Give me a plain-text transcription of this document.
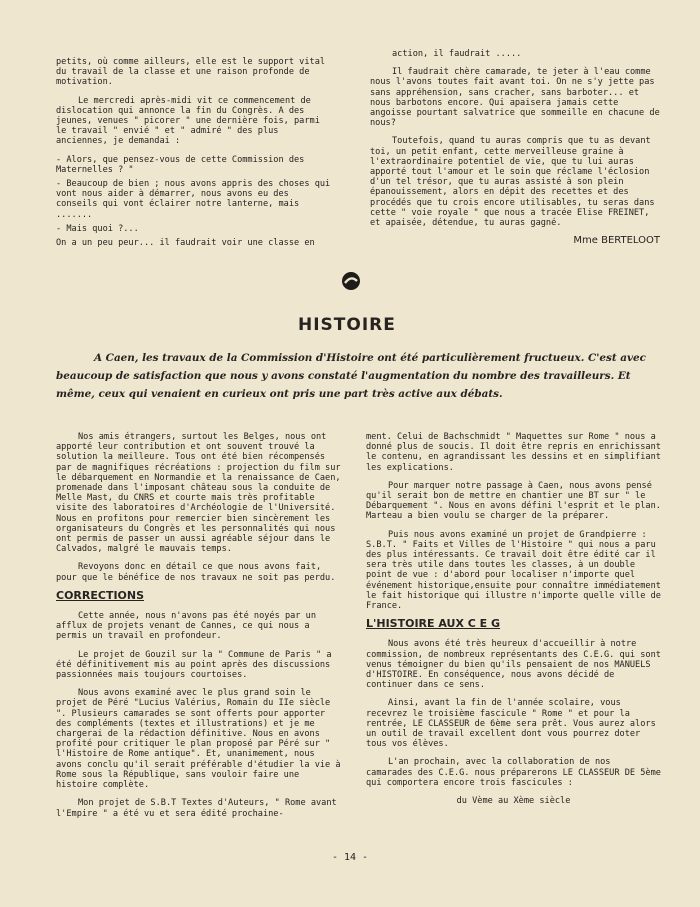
petits, où comme ailleurs, elle est le support vital du travail de la classe et une raison profonde de motivation.

Le mercredi après-midi vit ce commencement de dislocation qui annonce la fin du Congrès. A des jeunes, venues " picorer " une dernière fois, parmi le travail " envié " et " admiré " des plus anciennes, je demandai :

- Alors, que pensez-vous de cette Commission des Maternelles ? "

- Beaucoup de bien ; nous avons appris des choses qui vont nous aider à démarrer, nous avons eu des conseils qui vont éclairer notre lanterne, mais .......

- Mais quoi ?...

On a un peu peur... il faudrait voir une classe en

action, il faudrait .....

Il faudrait chère camarade, te jeter à l'eau comme nous l'avons toutes fait avant toi. On ne s'y jette pas sans appréhension, sans cracher, sans barboter... et nous barbotons encore. Qui apaisera jamais cette angoisse pourtant salvatrice que sommeille en chacune de nous?

Toutefois, quand tu auras compris que tu as devant toi, un petit enfant, cette merveilleuse graine à l'extraordinaire potentiel de vie, que tu lui auras apporté tout l'amour et le soin que réclame l'éclosion d'un tel trésor, que tu auras assisté à son plein épanouissement, alors en dépit des recettes et des procédés que tu crois encore utilisables, tu seras dans cette " voie royale " que nous a tracée Elise FREINET, et apaisée, détendue, tu auras gagné.

Mme BERTELOOT
HISTOIRE
A Caen, les travaux de la Commission d'Histoire ont été particulièrement fructueux. C'est avec beaucoup de satisfaction que nous y avons constaté l'augmentation du nombre des travailleurs. Et même, ceux qui venaient en curieux ont pris une part très active aux débats.

Nos amis étrangers, surtout les Belges, nous ont apporté leur contribution et ont souvent trouvé la solution la meilleure. Tous ont été bien récompensés par de magnifiques récréations : projection du film sur le débarquement en Normandie et la renaissance de Caen, promenade dans l'imposant château sous la conduite de Melle Mast, du CNRS et courte mais très profitable visite des laboratoires d'Archéologie de l'Université. Nous en profitons pour remercier bien sincèrement les organisateurs du Congrès et les personnalités qui nous ont permis de passer un aussi agréable séjour dans le Calvados, malgré le mauvais temps.

Revoyons donc en détail ce que nous avons fait, pour que le bénéfice de nos travaux ne soit pas perdu.

CORRECTIONS

Cette année, nous n'avons pas été noyés par un afflux de projets venant de Cannes, ce qui nous a permis un travail en profondeur.

Le projet de Gouzil sur la " Commune de Paris " a été définitivement mis au point après des discussions passionnées mais toujours courtoises.

Nous avons examiné avec le plus grand soin le projet de Péré "Lucius Valérius, Romain du IIe siècle ". Plusieurs camarades se sont offerts pour apporter des compléments (textes et illustrations) et je me chargerai de la rédaction définitive. Nous en avons profité pour critiquer le plan proposé par Péré sur " l'Histoire de Rome antique". Et, unanimement, nous avons conclu qu'il serait préférable d'étudier la vie à Rome sous la République, sans vouloir faire une histoire complète.

Mon projet de S.B.T Textes d'Auteurs, " Rome avant l'Empire " a été vu et sera édité prochaine-

ment. Celui de Bachschmidt " Maquettes sur Rome " nous a donné plus de soucis. Il doit être repris en enrichissant le contenu, en agrandissant les dessins et en simplifiant les explications.

Pour marquer notre passage à Caen, nous avons pensé qu'il serait bon de mettre en chantier une BT sur " le Débarquement ". Nous en avons défini l'esprit et le plan. Marteau a bien voulu se charger de la préparer.

Puis nous avons examiné un projet de Grandpierre : S.B.T. " Faits et Villes de l'Histoire " qui nous a paru des plus intéressants. Ce travail doit être édité car il sera très utile dans toutes les classes, à un double point de vue : d'abord pour localiser n'importe quel événement historique,ensuite pour connaître immédiatement le fait historique qui illustre n'importe quelle ville de France.

L'HISTOIRE AUX C E G

Nous avons été très heureux d'accueillir à notre commission, de nombreux représentants des C.E.G. qui sont venus témoigner du bien qu'ils pensaient de nos MANUELS d'HISTOIRE. En conséquence, nous avons décidé de continuer dans ce sens.

Ainsi, avant la fin de l'année scolaire, vous recevrez le troisième fascicule " Rome " et pour la rentrée, LE CLASSEUR de 6ème sera prêt. Vous aurez alors un outil de travail excellent dont vous pourrez doter tous vos élèves.

L'an prochain, avec la collaboration de nos camarades des C.E.G. nous préparerons LE CLASSEUR DE 5ème qui comportera encore trois fascicules :

du Vème au Xème siècle

- 14 -
